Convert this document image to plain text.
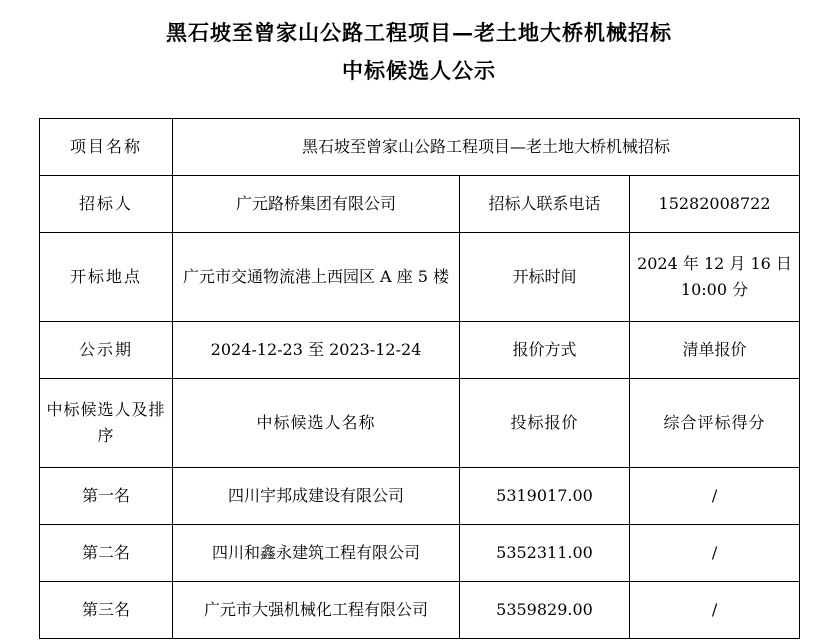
黑石坡至曾家山公路工程项目—老土地大桥机械招标
中标候选人公示
项目名称	黑石坡至曾家山公路工程项目—老土地大桥机械招标		
招标人	广元路桥集团有限公司	招标人联系电话	15282008722
开标地点	广元市交通物流港上西园区 A 座 5 楼	开标时间	2024 年 12 月 16 日 10:00 分
公示期	2024-12-23 至 2023-12-24	报价方式	清单报价
中标候选人及排序	中标候选人名称	投标报价	综合评标得分
第一名	四川宇邦成建设有限公司	5319017.00	/
第二名	四川和鑫永建筑工程有限公司	5352311.00	/
第三名	广元市大强机械化工程有限公司	5359829.00	/
